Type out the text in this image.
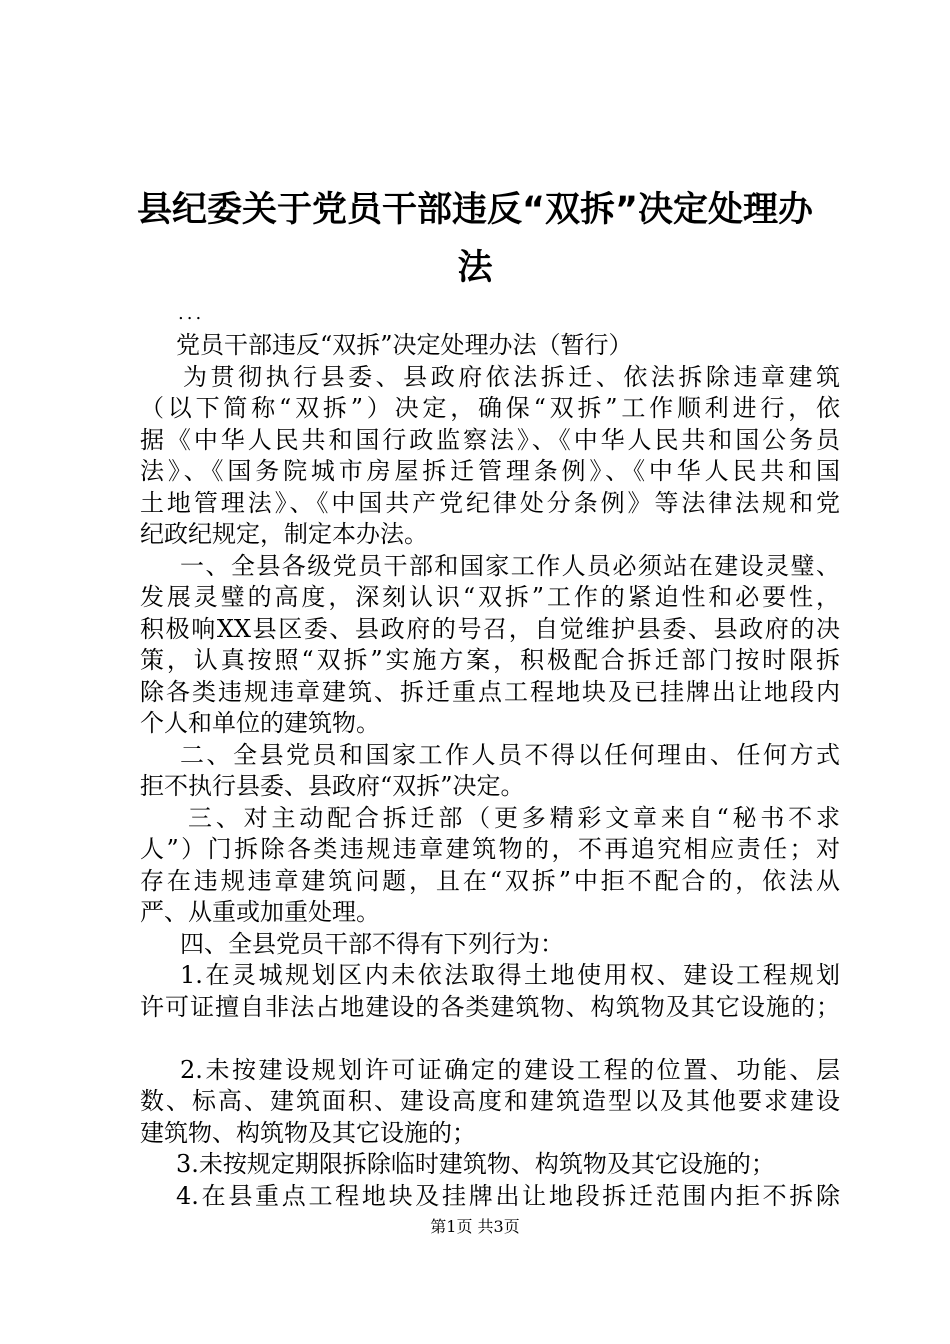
县纪委关于党员干部违反“双拆”决定处理办
法
...
党员干部违反“双拆”决定处理办法（暂行）
为贯彻执行县委、县政府依法拆迁、依法拆除违章建筑
（以下简称“双拆”）决定，确保“双拆”工作顺利进行，依
据《中华人民共和国行政监察法》、《中华人民共和国公务员
法》、《国务院城市房屋拆迁管理条例》、《中华人民共和国
土地管理法》、《中国共产党纪律处分条例》等法律法规和党
纪政纪规定，制定本办法。
一、全县各级党员干部和国家工作人员必须站在建设灵璧、
发展灵璧的高度，深刻认识“双拆”工作的紧迫性和必要性，
积极响XX县区委、县政府的号召，自觉维护县委、县政府的决
策，认真按照“双拆”实施方案，积极配合拆迁部门按时限拆
除各类违规违章建筑、拆迁重点工程地块及已挂牌出让地段内
个人和单位的建筑物。
二、全县党员和国家工作人员不得以任何理由、任何方式
拒不执行县委、县政府“双拆”决定。
三、对主动配合拆迁部（更多精彩文章来自“秘书不求
人”）门拆除各类违规违章建筑物的，不再追究相应责任；对
存在违规违章建筑问题，且在“双拆”中拒不配合的，依法从
严、从重或加重处理。
四、全县党员干部不得有下列行为：
1.在灵城规划区内未依法取得土地使用权、建设工程规划
许可证擅自非法占地建设的各类建筑物、构筑物及其它设施的；
2.未按建设规划许可证确定的建设工程的位置、功能、层
数、标高、建筑面积、建设高度和建筑造型以及其他要求建设
建筑物、构筑物及其它设施的；
3.未按规定期限拆除临时建筑物、构筑物及其它设施的；
4.在县重点工程地块及挂牌出让地段拆迁范围内拒不拆除
第1页 共3页
